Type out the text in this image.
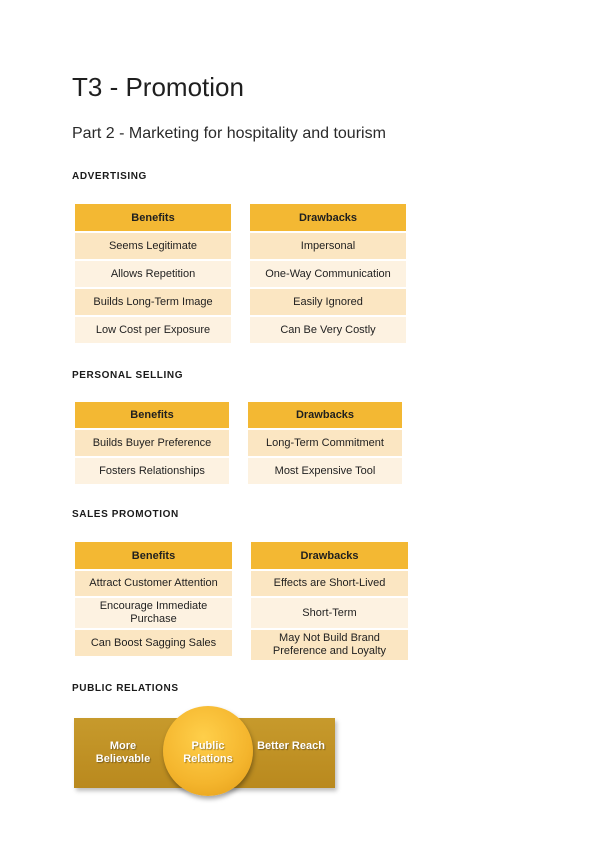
T3 - Promotion
Part 2 - Marketing for hospitality and tourism
ADVERTISING
Benefits
Seems Legitimate
Allows Repetition
Builds Long-Term Image
Low Cost per Exposure
Drawbacks
Impersonal
One-Way Communication
Easily Ignored
Can Be Very Costly
PERSONAL SELLING
Benefits
Builds Buyer Preference
Fosters Relationships
Drawbacks
Long-Term Commitment
Most Expensive Tool
SALES PROMOTION
Benefits
Attract Customer Attention
Encourage Immediate Purchase
Can Boost Sagging Sales
Drawbacks
Effects are Short-Lived
Short-Term
May Not Build Brand Preference and Loyalty
PUBLIC RELATIONS
More Believable
Better Reach
Public Relations
